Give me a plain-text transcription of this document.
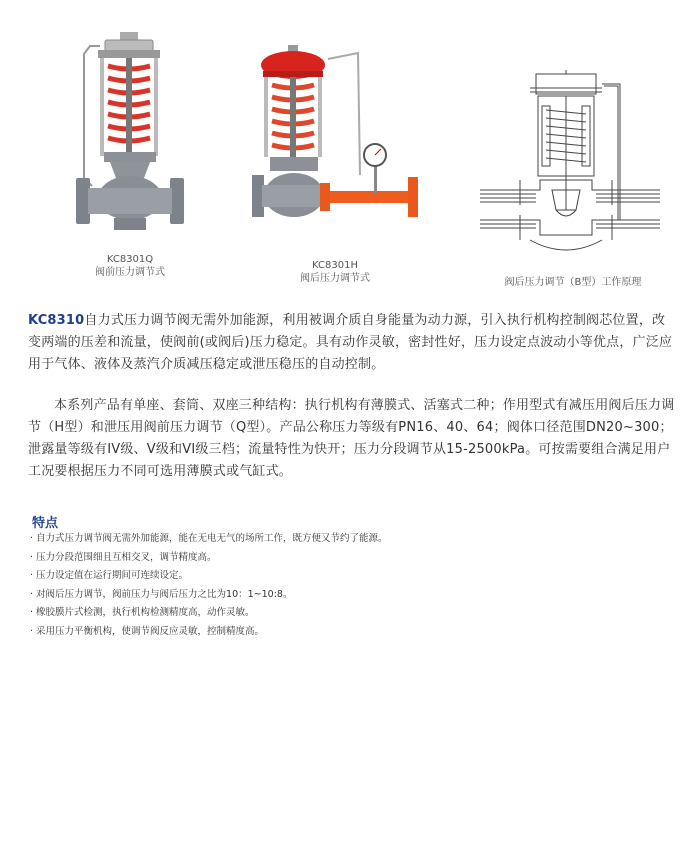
KC8301Q
阀前压力调节式
KC8301H
阀后压力调节式	阀后压力调节（B型）工作原理
KC8310自力式压力调节阀无需外加能源，利用被调介质自身能量为动力源，引入执行机构控制阀芯位置，改变两端的压差和流量，使阀前(或阀后)压力稳定。具有动作灵敏，密封性好，压力设定点波动小等优点，广泛应用于气体、液体及蒸汽介质减压稳定或泄压稳压的自动控制。
本系列产品有单座、套筒、双座三种结构：执行机构有薄膜式、活塞式二种；作用型式有减压用阀后压力调节（H型）和泄压用阀前压力调节（Q型）。产品公称压力等级有PN16、40、64；阀体口径范围DN20~300；泄露量等级有IV级、V级和VI级三档；流量特性为快开；压力分段调节从15-2500kPa。可按需要组合满足用户工况要根据压力不同可选用薄膜式或气缸式。
特点
· 自力式压力调节阀无需外加能源，能在无电无气的场所工作，既方便又节约了能源。
· 压力分段范围细且互相交叉，调节精度高。
· 压力设定值在运行期间可连续设定。
· 对阀后压力调节，阀前压力与阀后压力之比为10：1~10:8。
· 橡胶膜片式检测，执行机构检测精度高，动作灵敏。
· 采用压力平衡机构，使调节阀反应灵敏，控制精度高。
